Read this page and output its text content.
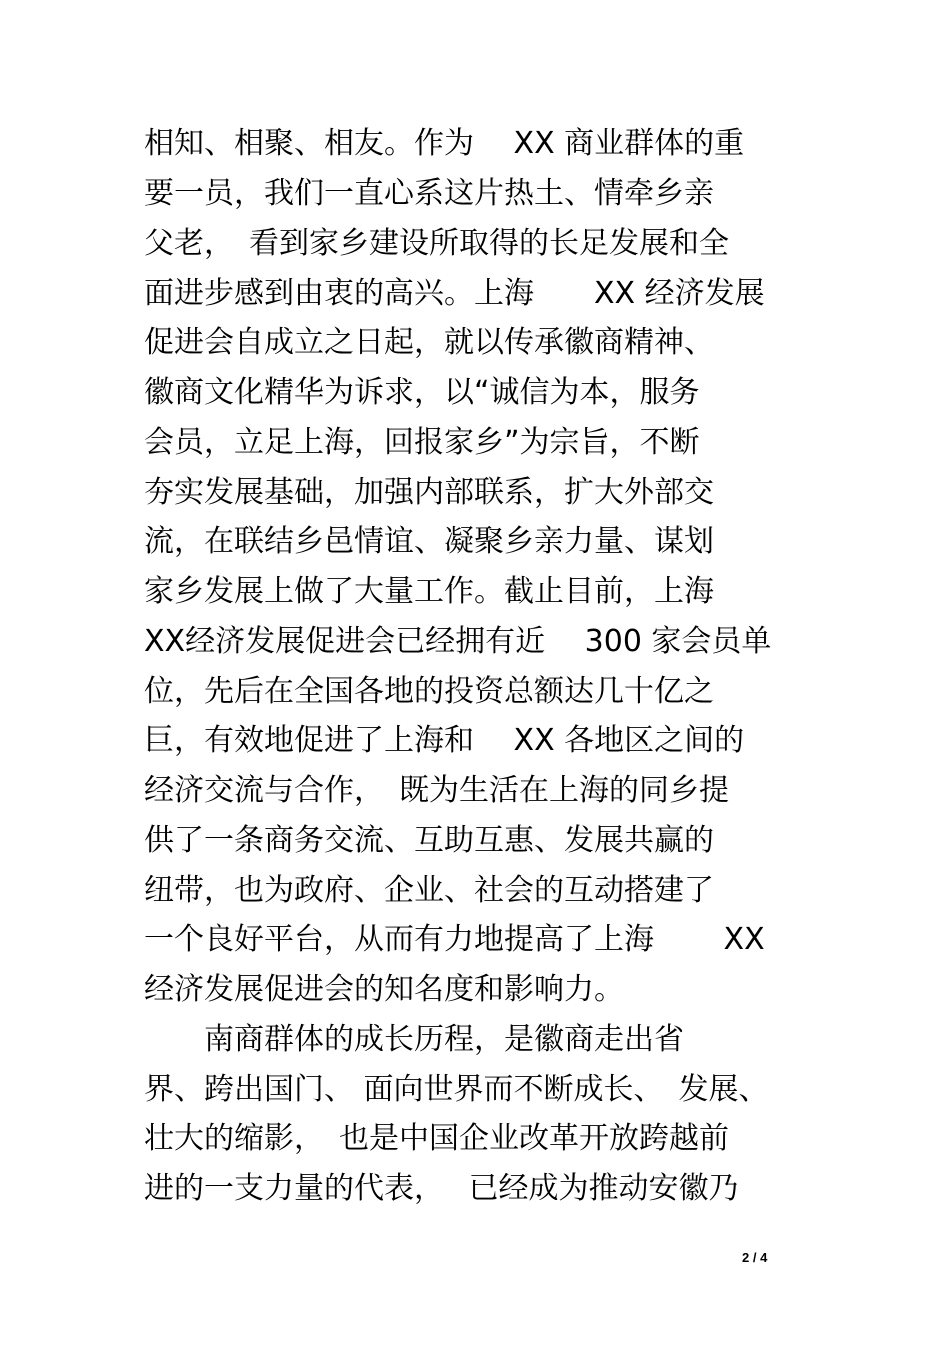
相知、相聚、相友。作为　 XX 商业群体的重
要一员，我们一直心系这片热土、情牵乡亲
父老，　看到家乡建设所取得的长足发展和全
面进步感到由衷的高兴。上海　　XX 经济发展
促进会自成立之日起，就以传承徽商精神、
徽商文化精华为诉求，以“诚信为本，服务
会员，立足上海，回报家乡”为宗旨，不断
夯实发展基础，加强内部联系，扩大外部交
流，在联结乡邑情谊、凝聚乡亲力量、谋划
家乡发展上做了大量工作。截止目前，上海
XX经济发展促进会已经拥有近　 300 家会员单
位，先后在全国各地的投资总额达几十亿之
巨，有效地促进了上海和　 XX 各地区之间的
经济交流与合作，　既为生活在上海的同乡提
供了一条商务交流、互助互惠、发展共赢的
纽带，也为政府、企业、社会的互动搭建了
一个良好平台，从而有力地提高了上海　　 XX
经济发展促进会的知名度和影响力。
　　南商群体的成长历程，是徽商走出省
界、跨出国门、 面向世界而不断成长、　发展、
壮大的缩影，　也是中国企业改革开放跨越前
进的一支力量的代表，　 已经成为推动安徽乃
2 / 4
